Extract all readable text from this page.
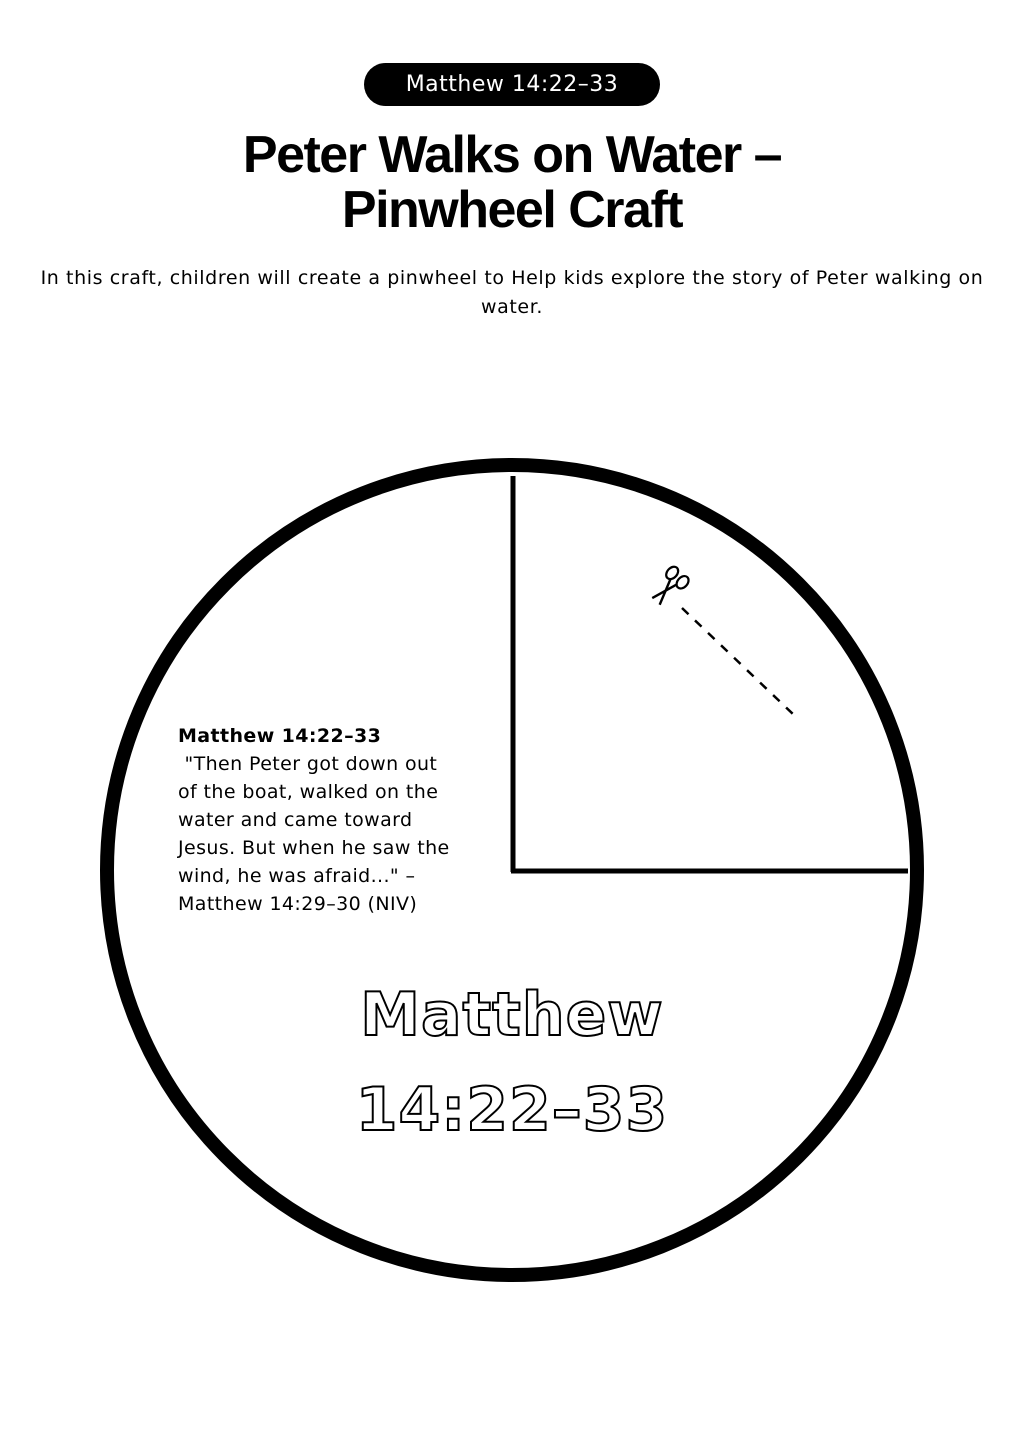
Matthew 14:22–33
Peter Walks on Water –
Pinwheel Craft

In this craft, children will create a pinwheel to Help kids explore the story of Peter walking on water.

Matthew 14:22–33
"Then Peter got down out
of the boat, walked on the
water and came toward
Jesus. But when he saw the
wind, he was afraid..." –
Matthew 14:29–30 (NIV)
Matthew
14:22–33
